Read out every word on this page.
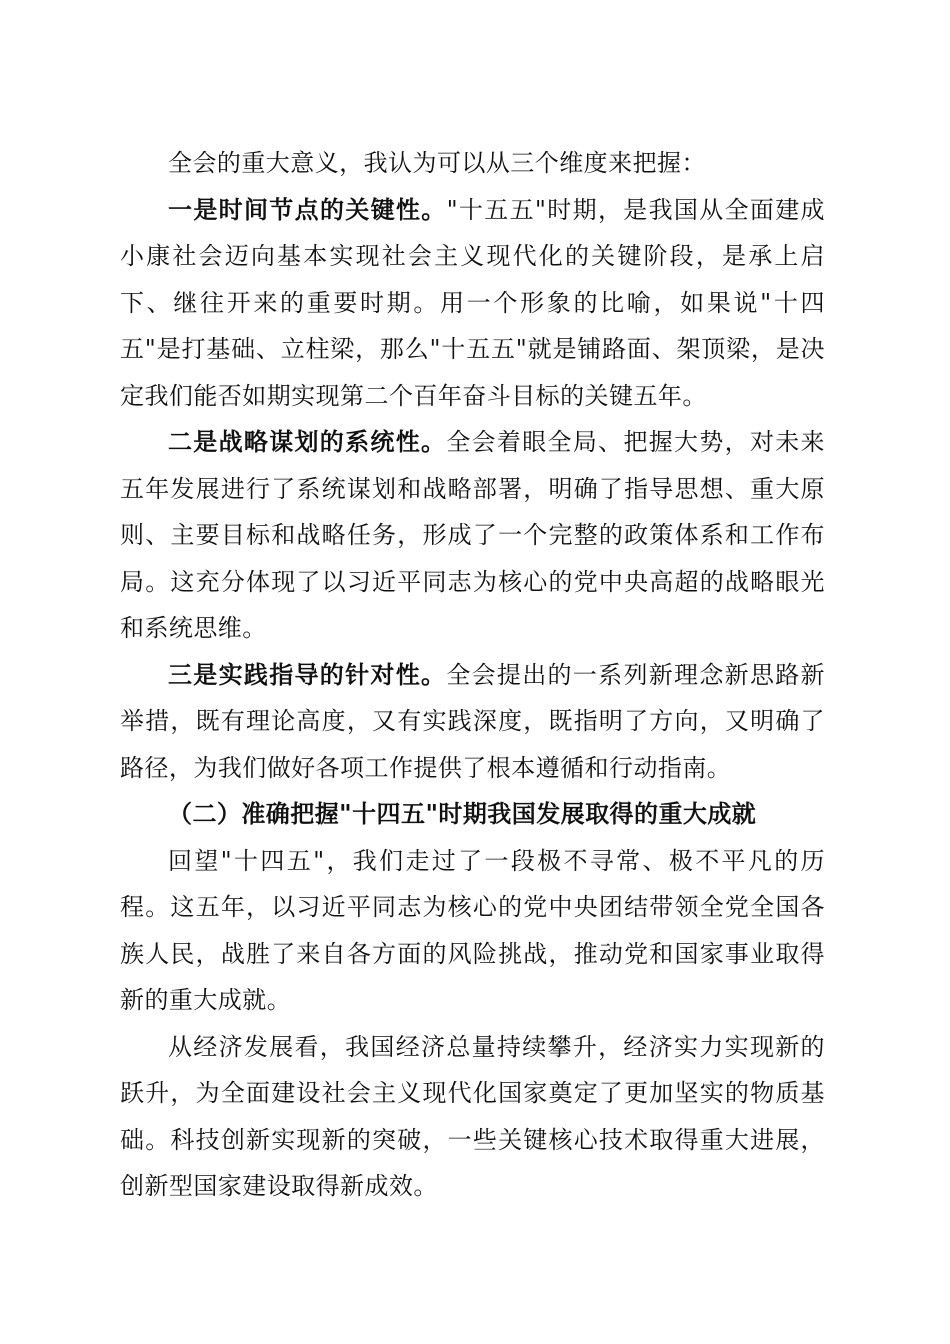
全会的重大意义，我认为可以从三个维度来把握：

一是时间节点的关键性。"十五五"时期，是我国从全面建成小康社会迈向基本实现社会主义现代化的关键阶段，是承上启下、继往开来的重要时期。用一个形象的比喻，如果说"十四五"是打基础、立柱梁，那么"十五五"就是铺路面、架顶梁，是决定我们能否如期实现第二个百年奋斗目标的关键五年。

二是战略谋划的系统性。全会着眼全局、把握大势，对未来五年发展进行了系统谋划和战略部署，明确了指导思想、重大原则、主要目标和战略任务，形成了一个完整的政策体系和工作布局。这充分体现了以习近平同志为核心的党中央高超的战略眼光和系统思维。

三是实践指导的针对性。全会提出的一系列新理念新思路新举措，既有理论高度，又有实践深度，既指明了方向，又明确了路径，为我们做好各项工作提供了根本遵循和行动指南。

（二）准确把握"十四五"时期我国发展取得的重大成就

回望"十四五"，我们走过了一段极不寻常、极不平凡的历程。这五年，以习近平同志为核心的党中央团结带领全党全国各族人民，战胜了来自各方面的风险挑战，推动党和国家事业取得新的重大成就。

从经济发展看，我国经济总量持续攀升，经济实力实现新的跃升，为全面建设社会主义现代化国家奠定了更加坚实的物质基础。科技创新实现新的突破，一些关键核心技术取得重大进展，创新型国家建设取得新成效。
